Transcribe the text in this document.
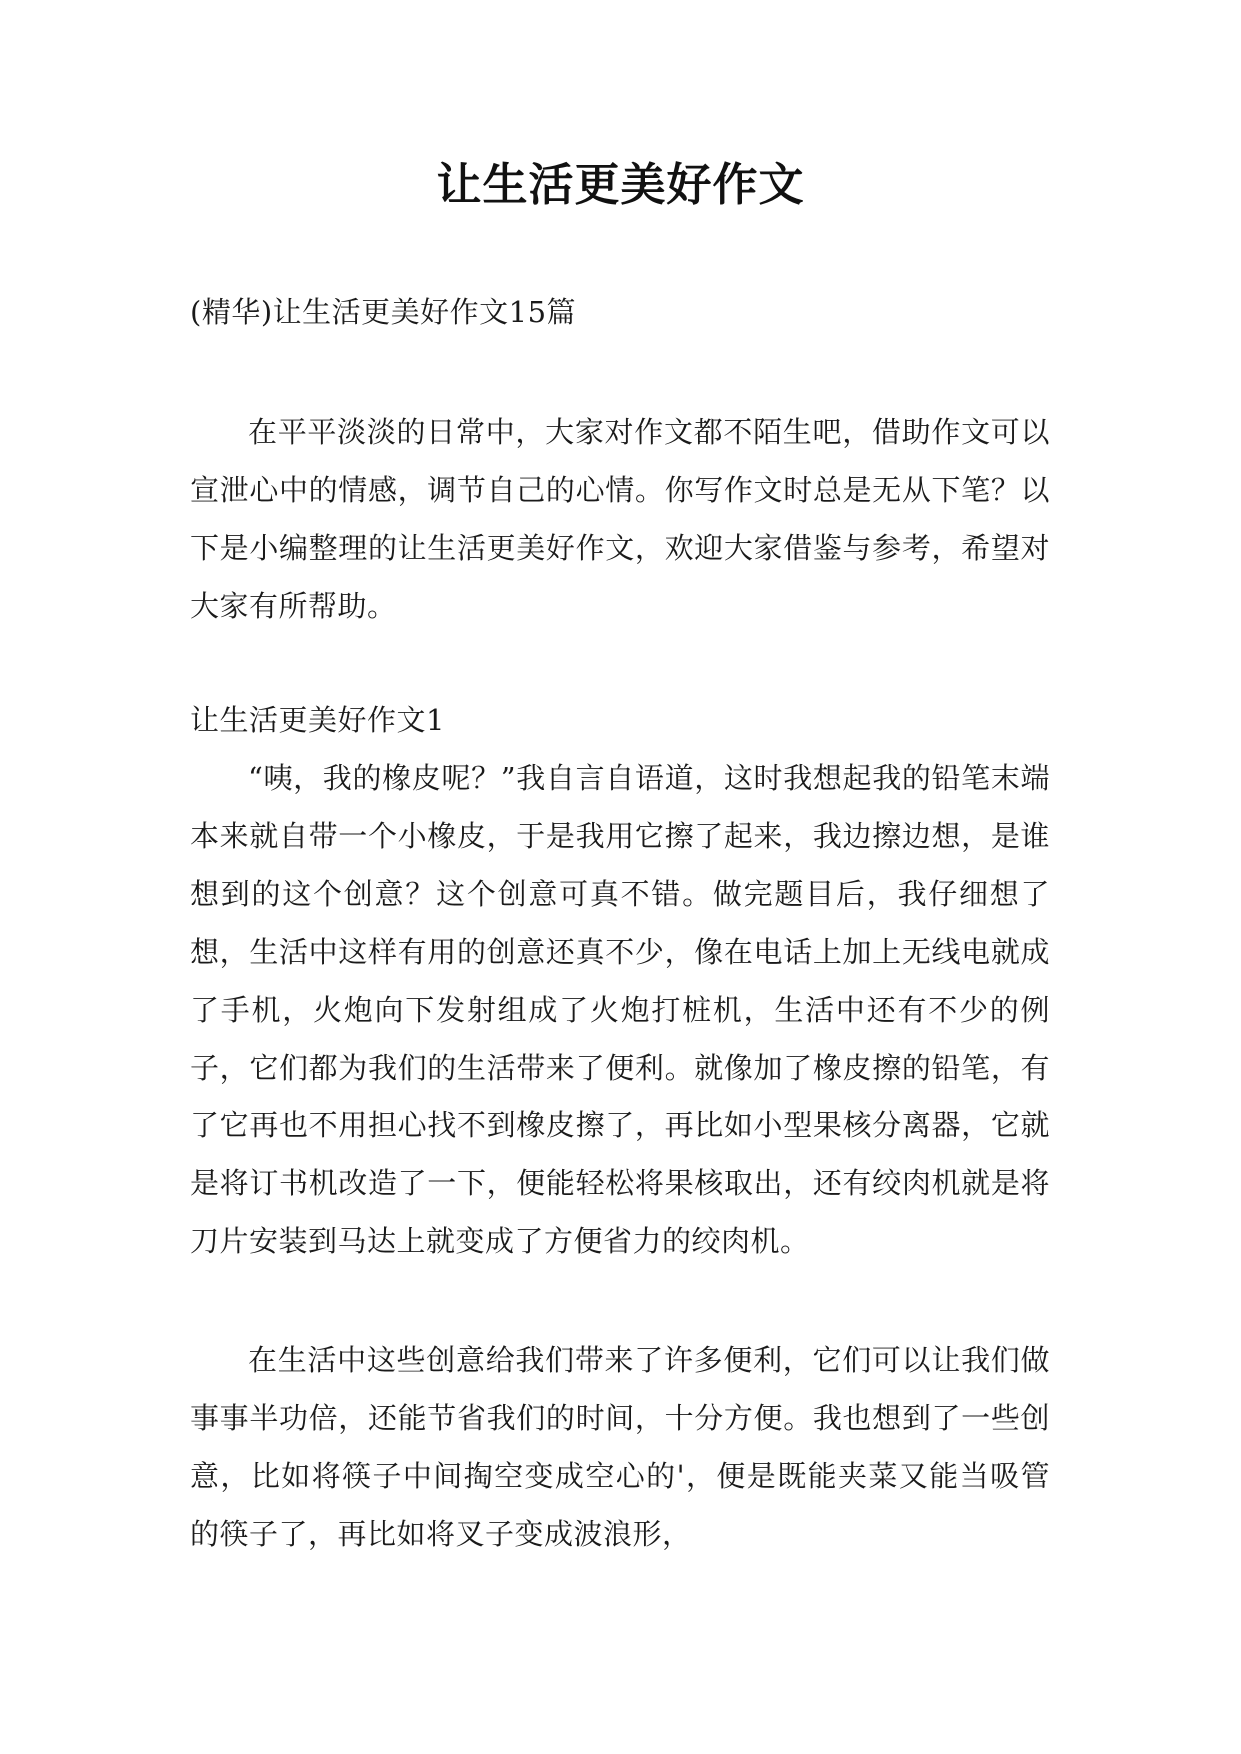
让生活更美好作文

(精华)让生活更美好作文15篇

在平平淡淡的日常中，大家对作文都不陌生吧，借助作文可以宣泄心中的情感，调节自己的心情。你写作文时总是无从下笔？以下是小编整理的让生活更美好作文，欢迎大家借鉴与参考，希望对大家有所帮助。

让生活更美好作文1

“咦，我的橡皮呢？”我自言自语道，这时我想起我的铅笔末端本来就自带一个小橡皮，于是我用它擦了起来，我边擦边想，是谁想到的这个创意？这个创意可真不错。做完题目后，我仔细想了想，生活中这样有用的创意还真不少，像在电话上加上无线电就成了手机，火炮向下发射组成了火炮打桩机，生活中还有不少的例子，它们都为我们的生活带来了便利。就像加了橡皮擦的铅笔，有了它再也不用担心找不到橡皮擦了，再比如小型果核分离器，它就是将订书机改造了一下，便能轻松将果核取出，还有绞肉机就是将刀片安装到马达上就变成了方便省力的绞肉机。

在生活中这些创意给我们带来了许多便利，它们可以让我们做事事半功倍，还能节省我们的时间，十分方便。我也想到了一些创意，比如将筷子中间掏空变成空心的'，便是既能夹菜又能当吸管的筷子了，再比如将叉子变成波浪形，
